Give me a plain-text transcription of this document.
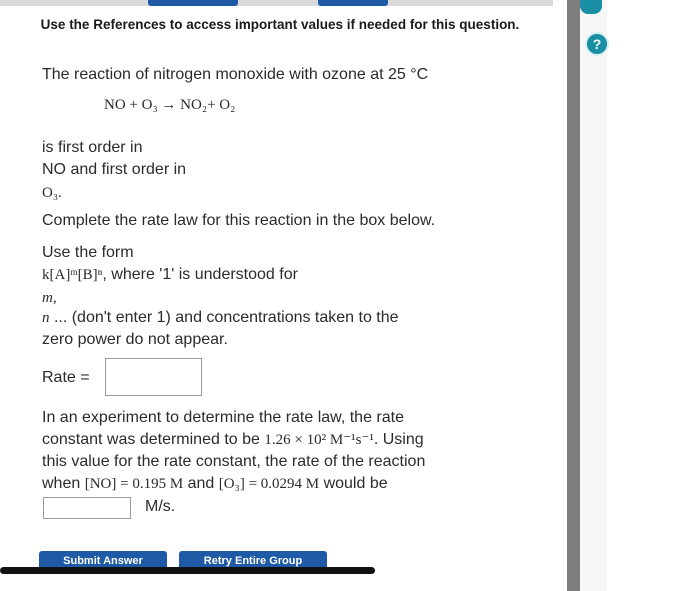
Use the References to access important values if needed for this question.
The reaction of nitrogen monoxide with ozone at 25 °C
NO + O₃ → NO₂+ O₂
is first order in
NO and first order in
O₃.
Complete the rate law for this reaction in the box below.
Use the form
k[A]ᵐ[B]ⁿ, where '1' is understood for
m,
n ... (don't enter 1) and concentrations taken to the
zero power do not appear.
Rate =
In an experiment to determine the rate law, the rate
constant was determined to be 1.26 × 10² M⁻¹s⁻¹. Using
this value for the rate constant, the rate of the reaction
when [NO] = 0.195 M and [O₃] = 0.0294 M would be
M/s.
Submit Answer	Retry Entire Group
?
